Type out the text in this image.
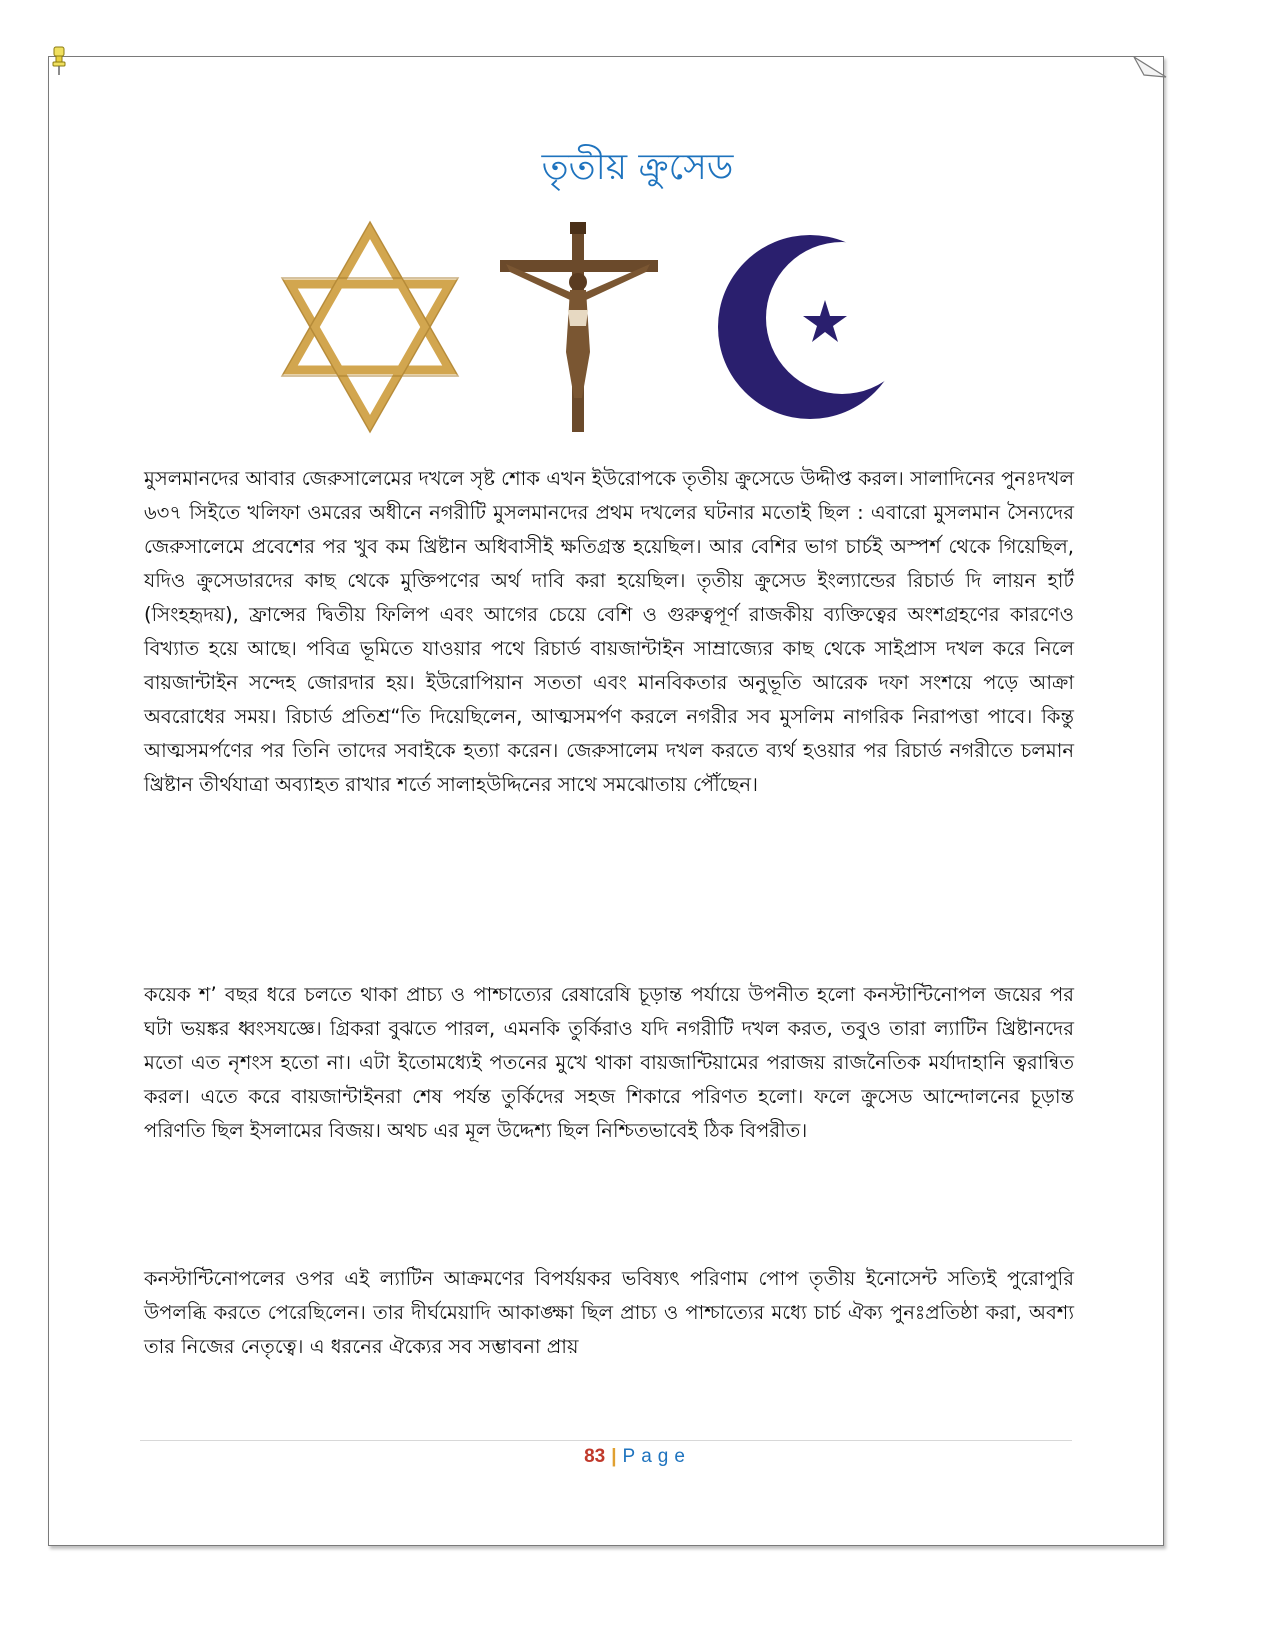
তৃতীয় ক্রুসেড

মুসলমানদের আবার জেরুসালেমের দখলে সৃষ্ট শোক এখন ইউরোপকে তৃতীয় ক্রুসেডে উদ্দীপ্ত করল। সালাদিনের পুনঃদখল ৬৩৭ সিইতে খলিফা ওমরের অধীনে নগরীটি মুসলমানদের প্রথম দখলের ঘটনার মতোই ছিল : এবারো মুসলমান সৈন্যদের জেরুসালেমে প্রবেশের পর খুব কম খ্রিষ্টান অধিবাসীই ক্ষতিগ্রস্ত হয়েছিল। আর বেশির ভাগ চার্চই অস্পর্শ থেকে গিয়েছিল, যদিও ক্রুসেডারদের কাছ থেকে মুক্তিপণের অর্থ দাবি করা হয়েছিল। তৃতীয় ক্রুসেড ইংল্যান্ডের রিচার্ড দি লায়ন হার্ট (সিংহহৃদয়), ফ্রান্সের দ্বিতীয় ফিলিপ এবং আগের চেয়ে বেশি ও গুরুত্বপূর্ণ রাজকীয় ব্যক্তিত্বের অংশগ্রহণের কারণেও বিখ্যাত হয়ে আছে। পবিত্র ভূমিতে যাওয়ার পথে রিচার্ড বায়জান্টাইন সাম্রাজ্যের কাছ থেকে সাইপ্রাস দখল করে নিলে বায়জান্টাইন সন্দেহ জোরদার হয়। ইউরোপিয়ান সততা এবং মানবিকতার অনুভূতি আরেক দফা সংশয়ে পড়ে আক্রা অবরোধের সময়। রিচার্ড প্রতিশ্র“তি দিয়েছিলেন, আত্মসমর্পণ করলে নগরীর সব মুসলিম নাগরিক নিরাপত্তা পাবে। কিন্তু আত্মসমর্পণের পর তিনি তাদের সবাইকে হত্যা করেন। জেরুসালেম দখল করতে ব্যর্থ হওয়ার পর রিচার্ড নগরীতে চলমান খ্রিষ্টান তীর্থযাত্রা অব্যাহত রাখার শর্তে সালাহউদ্দিনের সাথে সমঝোতায় পৌঁছেন।

কয়েক শ’ বছর ধরে চলতে থাকা প্রাচ্য ও পাশ্চাত্যের রেষারেষি চূড়ান্ত পর্যায়ে উপনীত হলো কনস্টান্টিনোপল জয়ের পর ঘটা ভয়ঙ্কর ধ্বংসযজ্ঞে। গ্রিকরা বুঝতে পারল, এমনকি তুর্কিরাও যদি নগরীটি দখল করত, তবুও তারা ল্যাটিন খ্রিষ্টানদের মতো এত নৃশংস হতো না। এটা ইতোমধ্যেই পতনের মুখে থাকা বায়জান্টিয়ামের পরাজয় রাজনৈতিক মর্যাদাহানি ত্বরান্বিত করল। এতে করে বায়জান্টাইনরা শেষ পর্যন্ত তুর্কিদের সহজ শিকারে পরিণত হলো। ফলে ক্রুসেড আন্দোলনের চূড়ান্ত পরিণতি ছিল ইসলামের বিজয়। অথচ এর মূল উদ্দেশ্য ছিল নিশ্চিতভাবেই ঠিক বিপরীত।

কনস্টান্টিনোপলের ওপর এই ল্যাটিন আক্রমণের বিপর্যয়কর ভবিষ্যৎ পরিণাম পোপ তৃতীয় ইনোসেন্ট সত্যিই পুরোপুরি উপলব্ধি করতে পেরেছিলেন। তার দীর্ঘমেয়াদি আকাঙ্ক্ষা ছিল প্রাচ্য ও পাশ্চাত্যের মধ্যে চার্চ ঐক্য পুনঃপ্রতিষ্ঠা করা, অবশ্য তার নিজের নেতৃত্বে। এ ধরনের ঐক্যের সব সম্ভাবনা প্রায়

83 | Page
